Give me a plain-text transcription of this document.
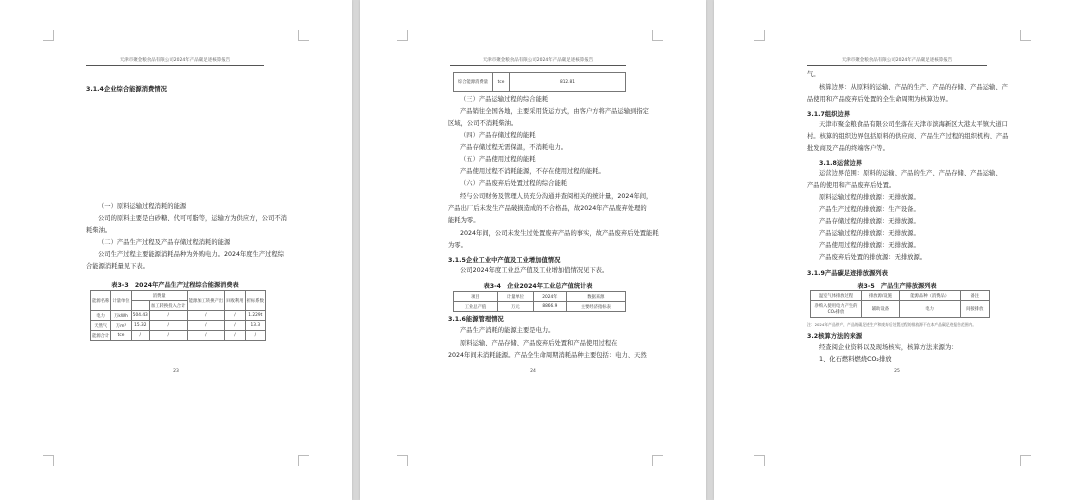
天津市聚金粮食品有限公司2024年产品碳足迹核算报告
3.1.4企业综合能源消费情况
（一）原料运输过程消耗的能源
公司的原料主要是白砂糖、代可可脂等，运输方为供应方，公司不消
耗柴油。
（二）产品生产过程及产品存储过程消耗的能源
公司生产过程主要能源消耗品种为外购电力。2024年度生产过程综
合能源消耗量见下表。
表3-3　2024年产品生产过程综合能源消费表
能源名称	计量单位	消费量		能源加工转换产出	回收利用	折标系数
			加工转换投入合计			
电力	万kWh	504.43	/	/	/	1.229t
天然气	万m³	15.32	/	/	/	13.3
能源合计	tce	/	/	/	/	/
23
天津市聚金粮食品有限公司2024年产品碳足迹核算报告
综合能源消费量	tce	812.81
（三）产品运输过程的综合能耗
产品销往全国各地，主要采用货运方式，由客户方将产品运输到指定
区域，公司不消耗柴油。
（四）产品存储过程的能耗
产品存储过程无需保温，不消耗电力。
（五）产品使用过程的能耗
产品使用过程不消耗能源，不存在使用过程的能耗。
（六）产品废弃后处置过程的综合能耗
经与公司财务及管理人员充分沟通并查阅相关的统计量，2024年间，
产品出厂后未发生产品破损造成的不合格品，故2024年产品废弃处理的
能耗为零。
2024年间，公司未发生过处置废弃产品的事实，故产品废弃后处置能耗
为零。
3.1.5企业工业中产值及工业增加值情况
公司2024年度工业总产值及工业增加值情况见下表。
表3-4　企业2024年工业总产值统计表
项目	计量单位	2024年	数据来源
工业总产值	万元	8866.9	主要经济指标表
3.1.6能源管理情况
产品生产消耗的能源主要是电力。
原料运输、产品存储、产品废弃后处置和产品使用过程在
2024年间未消耗能源。产品全生命周期消耗品种主要包括：电力、天然
24
天津市聚金粮食品有限公司2024年产品碳足迹核算报告
气。
核算边界：从原料的运输、产品的生产、产品的存储、产品运输、产
品使用和产品废弃后处置的全生命周期为核算边界。
3.1.7组织边界
天津市聚金粮食品有限公司坐落在天津市滨海新区大港太平镇大道口
村。核算的组织边界包括原料的供应商、产品生产过程的组织机构、产品
批发商及产品的终端客户等。
3.1.8运营边界
运营边界范围：原料的运输、产品的生产、产品存储、产品运输、
产品的使用和产品废弃后处置。
原料运输过程的排放源：无排放源。
产品生产过程的排放源：生产设备。
产品存储过程的排放源：无排放源。
产品运输过程的排放源：无排放源。
产品使用过程的排放源：无排放源。
产品废弃后处置的排放源：无排放源。
3.1.9产品碳足迹排放源列表
表3-5　产品生产排放源列表
温室气体排放过程	排放源/设施	能源品种（消费品）	备注
净购入使用电力产生的CO₂排放	辅助设备	电力	间接排放
注：2024年产品停产，产品的碳足迹生产和废弃后处置过程的排放源不在本产品碳足迹报告范围内。
3.2核算方法的来源
经查阅企业资料以及现场核实，核算方法来源为：
1、化石燃料燃烧CO₂排放
25
